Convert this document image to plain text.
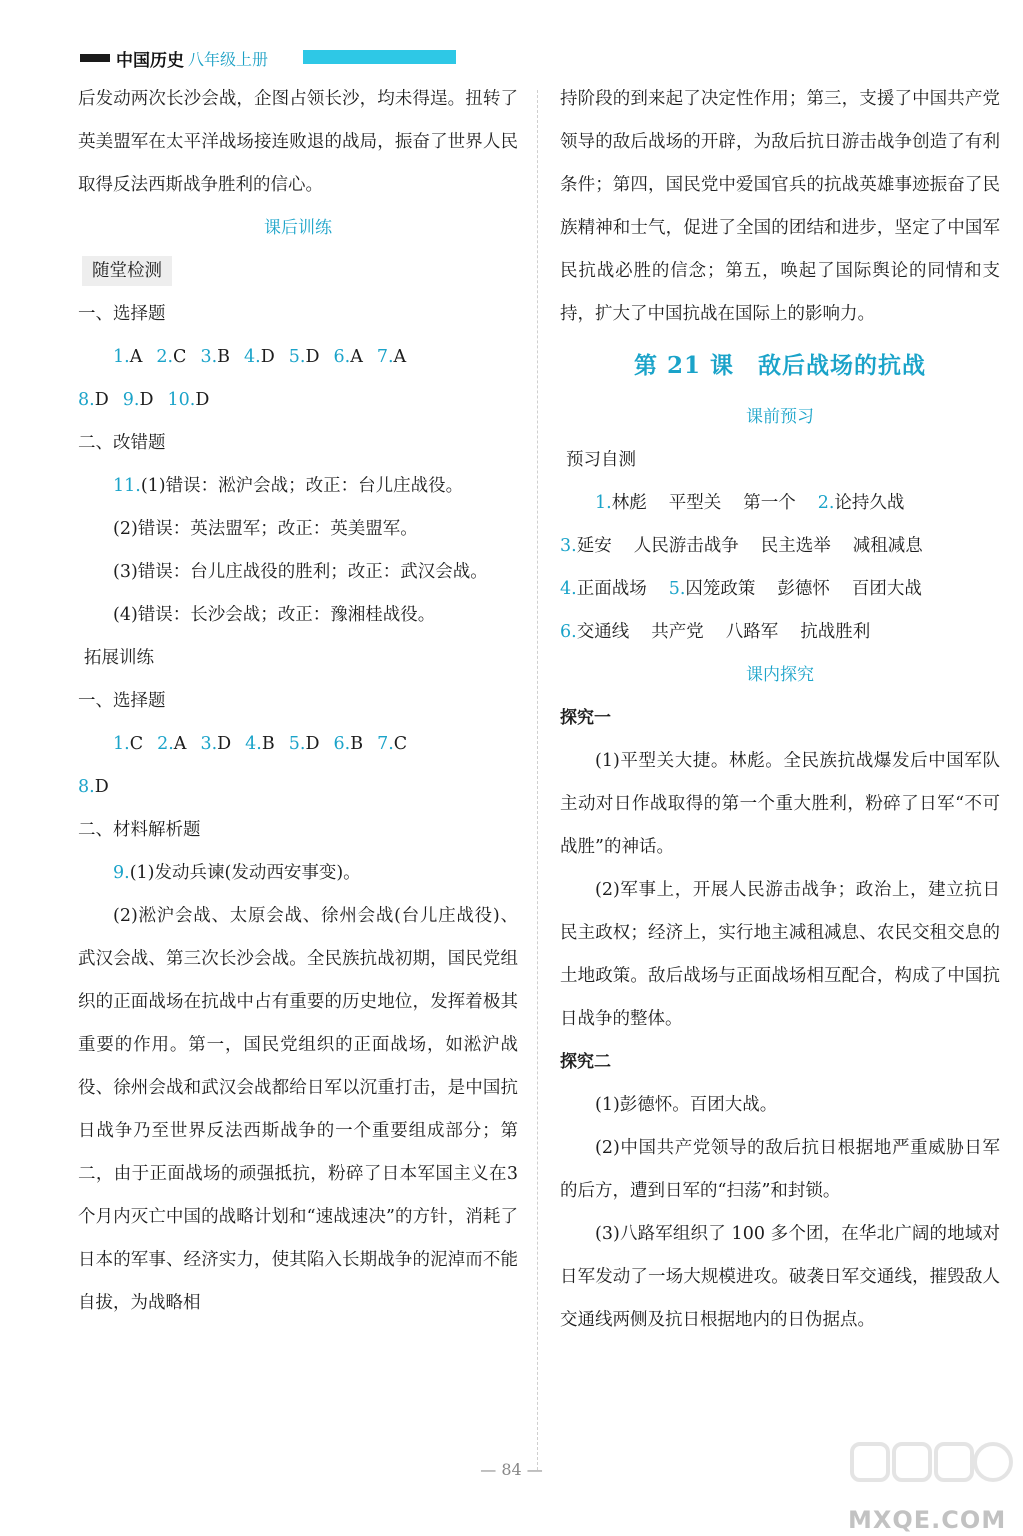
中国历史 八年级上册
后发动两次长沙会战，企图占领长沙，均未得逞。扭转了英美盟军在太平洋战场接连败退的战局，振奋了世界人民取得反法西斯战争胜利的信心。
课后训练
随堂检测
一、选择题
1.A 2.C 3.B 4.D 5.D 6.A 7.A
8.D 9.D 10.D
二、改错题
11.(1)错误：淞沪会战；改正：台儿庄战役。
(2)错误：英法盟军；改正：英美盟军。
(3)错误：台儿庄战役的胜利；改正：武汉会战。
(4)错误：长沙会战；改正：豫湘桂战役。
拓展训练
一、选择题
1.C 2.A 3.D 4.B 5.D 6.B 7.C
8.D
二、材料解析题
9.(1)发动兵谏(发动西安事变)。
(2)淞沪会战、太原会战、徐州会战(台儿庄战役)、武汉会战、第三次长沙会战。全民族抗战初期，国民党组织的正面战场在抗战中占有重要的历史地位，发挥着极其重要的作用。第一，国民党组织的正面战场，如淞沪战役、徐州会战和武汉会战都给日军以沉重打击，是中国抗日战争乃至世界反法西斯战争的一个重要组成部分；第二，由于正面战场的顽强抵抗，粉碎了日本军国主义在3个月内灭亡中国的战略计划和“速战速决”的方针，消耗了日本的军事、经济实力，使其陷入长期战争的泥淖而不能自拔，为战略相
持阶段的到来起了决定性作用；第三，支援了中国共产党领导的敌后战场的开辟，为敌后抗日游击战争创造了有利条件；第四，国民党中爱国官兵的抗战英雄事迹振奋了民族精神和士气，促进了全国的团结和进步，坚定了中国军民抗战必胜的信念；第五，唤起了国际舆论的同情和支持，扩大了中国抗战在国际上的影响力。
第 21 课　敌后战场的抗战
课前预习
预习自测
1.林彪 平型关 第一个 2.论持久战
3.延安 人民游击战争 民主选举 减租减息
4.正面战场 5.囚笼政策 彭德怀 百团大战
6.交通线 共产党 八路军 抗战胜利
课内探究
探究一
(1)平型关大捷。林彪。全民族抗战爆发后中国军队主动对日作战取得的第一个重大胜利，粉碎了日军“不可战胜”的神话。
(2)军事上，开展人民游击战争；政治上，建立抗日民主政权；经济上，实行地主减租减息、农民交租交息的土地政策。敌后战场与正面战场相互配合，构成了中国抗日战争的整体。
探究二
(1)彭德怀。百团大战。
(2)中国共产党领导的敌后抗日根据地严重威胁日军的后方，遭到日军的“扫荡”和封锁。
(3)八路军组织了 100 多个团，在华北广阔的地域对日军发动了一场大规模进攻。破袭日军交通线，摧毁敌人交通线两侧及抗日根据地内的日伪据点。
— 84 —
MXQE.COM
